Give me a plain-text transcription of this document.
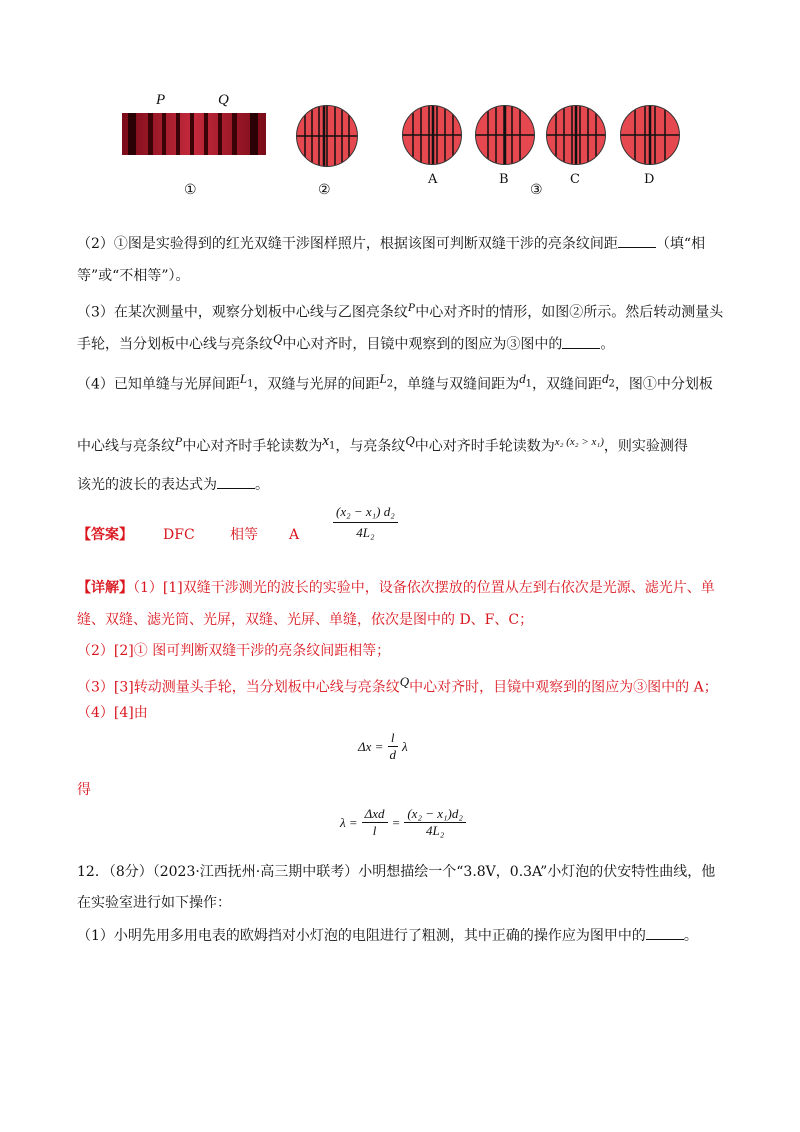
P	Q
①	②
A	B	C	D
③
（2）①图是实验得到的红光双缝干涉图样照片，根据该图可判断双缝干涉的亮条纹间距	（填“相
等”或“不相等”）。
（3）在某次测量中，观察分划板中心线与乙图亮条纹$^P$中心对齐时的情形，如图②所示。然后转动测量头
手轮，当分划板中心线与亮条纹$^Q$中心对齐时，目镜中观察到的图应为③图中的	。
（4）已知单缝与光屏间距$^{L_1}$，双缝与光屏的间距$^{L_2}$，单缝与双缝间距为$^{d_1}$，双缝间距$^{d_2}$，图①中分划板
中心线与亮条纹$^P$中心对齐时手轮读数为$^{x_1}$，与亮条纹$^Q$中心对齐时手轮读数为$^{x_2 (x_2 > x_1)}$，则实验测得
该光的波长的表达式为	。
【答案】 DFC	相等 A	$\frac{\text{(x₂ − x₁) d₂}}{\text{4L₂}}$
【详解】（1）[1]双缝干涉测光的波长的实验中，设备依次摆放的位置从左到右依次是光源、滤光片、单
缝、双缝、滤光筒、光屏，双缝、光屏、单缝，依次是图中的 D、F、C；
（2）[2]① 图可判断双缝干涉的亮条纹间距相等；
（3）[3]转动测量头手轮，当分划板中心线与亮条纹$^Q$中心对齐时，目镜中观察到的图应为③图中的 A；
（4）[4]由
$\Delta x = \frac{l}{d}$ λ
得
$\lambda = \frac{\text{Δxd}}{l} = \frac{\text{(x₂ − x₁)d₂}}{\text{4L₂}}$
12．（8分）（2023·江西抚州·高三期中联考）小明想描绘一个“3.8V，0.3A”小灯泡的伏安特性曲线，他
在实验室进行如下操作：
（1）小明先用多用电表的欧姆挡对小灯泡的电阻进行了粗测，其中正确的操作应为图甲中的	。
